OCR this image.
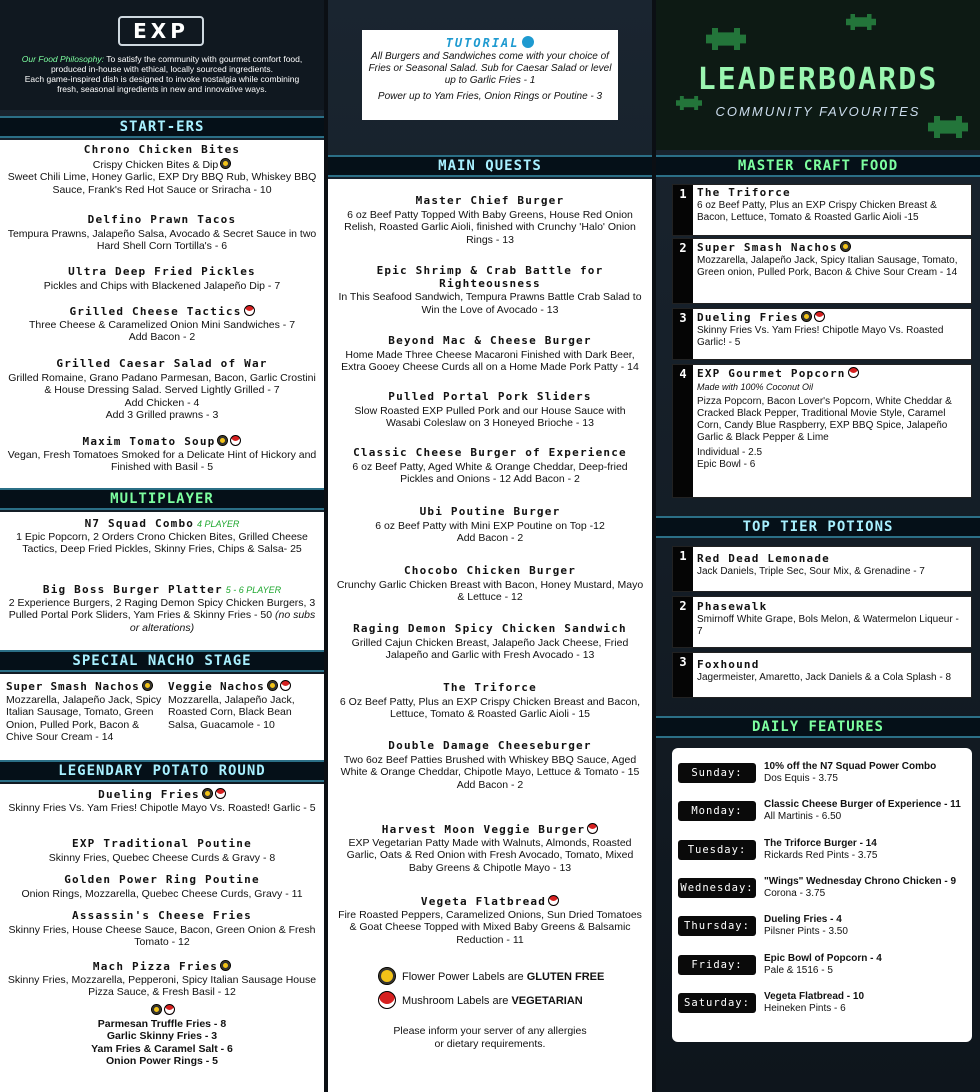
EXP
Our Food Philosophy: To satisfy the community with gourmet comfort food, produced in-house with ethical, locally sourced ingredients.
Each game-inspired dish is designed to invoke nostalgia while combining fresh, seasonal ingredients in new and innovative ways.
START-ERS
Chrono Chicken Bites
Crispy Chicken Bites & Dip
Sweet Chili Lime, Honey Garlic, EXP Dry BBQ Rub, Whiskey BBQ Sauce, Frank's Red Hot Sauce or Sriracha - 10
Delfino Prawn Tacos
Tempura Prawns, Jalapeño Salsa, Avocado & Secret Sauce in two Hard Shell Corn Tortilla's - 6
Ultra Deep Fried Pickles
Pickles and Chips with Blackened Jalapeño Dip - 7
Grilled Cheese Tactics
Three Cheese & Caramelized Onion Mini Sandwiches - 7
Add Bacon - 2
Grilled Caesar Salad of War
Grilled Romaine, Grano Padano Parmesan, Bacon, Garlic Crostini & House Dressing Salad. Served Lightly Grilled - 7
Add Chicken - 4
Add 3 Grilled prawns - 3
Maxim Tomato Soup
Vegan, Fresh Tomatoes Smoked for a Delicate Hint of Hickory and Finished with Basil - 5
MULTIPLAYER
N7 Squad Combo 4 PLAYER
1 Epic Popcorn, 2 Orders Crono Chicken Bites, Grilled Cheese Tactics, Deep Fried Pickles, Skinny Fries, Chips & Salsa- 25
Big Boss Burger Platter 5 - 6 PLAYER
2 Experience Burgers, 2 Raging Demon Spicy Chicken Burgers, 3 Pulled Portal Pork Sliders, Yam Fries & Skinny Fries - 50 (no subs or alterations)
SPECIAL NACHO STAGE
Super Smash Nachos
Mozzarella, Jalapeño Jack, Spicy Italian Sausage, Tomato, Green Onion, Pulled Pork, Bacon & Chive Sour Cream - 14
Veggie Nachos
Mozzarella, Jalapeño Jack, Roasted Corn, Black Bean Salsa, Guacamole - 10
LEGENDARY POTATO ROUND
Dueling Fries
Skinny Fries Vs. Yam Fries! Chipotle Mayo Vs. Roasted! Garlic - 5
EXP Traditional Poutine
Skinny Fries, Quebec Cheese Curds & Gravy - 8
Golden Power Ring Poutine
Onion Rings, Mozzarella, Quebec Cheese Curds, Gravy - 11
Assassin's Cheese Fries
Skinny Fries, House Cheese Sauce, Bacon, Green Onion & Fresh Tomato - 12
Mach Pizza Fries
Skinny Fries, Mozzarella, Pepperoni, Spicy Italian Sausage House Pizza Sauce, & Fresh Basil - 12
Parmesan Truffle Fries - 8
Garlic Skinny Fries - 3
Yam Fries & Caramel Salt - 6
Onion Power Rings - 5
TUTORIAL
All Burgers and Sandwiches come with your choice of Fries or Seasonal Salad. Sub for Caesar Salad or level up to Garlic Fries - 1
Power up to Yam Fries, Onion Rings or Poutine - 3
MAIN QUESTS
Master Chief Burger
6 oz Beef Patty Topped With Baby Greens, House Red Onion Relish, Roasted Garlic Aioli, finished with Crunchy 'Halo' Onion Rings - 13
Epic Shrimp & Crab Battle for Righteousness
In This Seafood Sandwich, Tempura Prawns Battle Crab Salad to Win the Love of Avocado - 13
Beyond Mac & Cheese Burger
Home Made Three Cheese Macaroni Finished with Dark Beer, Extra Gooey Cheese Curds all on a Home Made Pork Patty - 14
Pulled Portal Pork Sliders
Slow Roasted EXP Pulled Pork and our House Sauce with Wasabi Coleslaw on 3 Honeyed Brioche - 13
Classic Cheese Burger of Experience
6 oz Beef Patty, Aged White & Orange Cheddar, Deep-fried Pickles and Onions - 12 Add Bacon - 2
Ubi Poutine Burger
6 oz Beef Patty with Mini EXP Poutine on Top -12
Add Bacon - 2
Chocobo Chicken Burger
Crunchy Garlic Chicken Breast with Bacon, Honey Mustard, Mayo & Lettuce - 12
Raging Demon Spicy Chicken Sandwich
Grilled Cajun Chicken Breast, Jalapeño Jack Cheese, Fried Jalapeño and Garlic with Fresh Avocado - 13
The Triforce
6 Oz Beef Patty, Plus an EXP Crispy Chicken Breast and Bacon, Lettuce, Tomato & Roasted Garlic Aioli - 15
Double Damage Cheeseburger
Two 6oz Beef Patties Brushed with Whiskey BBQ Sauce, Aged White & Orange Cheddar, Chipotle Mayo, Lettuce & Tomato - 15
Add Bacon - 2
Harvest Moon Veggie Burger
EXP Vegetarian Patty Made with Walnuts, Almonds, Roasted Garlic, Oats & Red Onion with Fresh Avocado, Tomato, Mixed Baby Greens & Chipotle Mayo - 13
Vegeta Flatbread
Fire Roasted Peppers, Caramelized Onions, Sun Dried Tomatoes & Goat Cheese Topped with Mixed Baby Greens & Balsamic Reduction - 11
Flower Power Labels are GLUTEN FREE
Mushroom Labels are VEGETARIAN
Please inform your server of any allergies or dietary requirements.
LEADERBOARDS
COMMUNITY FAVOURITES
MASTER CRAFT FOOD
1 The Triforce
6 oz Beef Patty, Plus an EXP Crispy Chicken Breast & Bacon, Lettuce, Tomato & Roasted Garlic Aioli -15
2 Super Smash Nachos
Mozzarella, Jalapeño Jack, Spicy Italian Sausage, Tomato, Green onion, Pulled Pork, Bacon & Chive Sour Cream - 14
3 Dueling Fries
Skinny Fries Vs. Yam Fries! Chipotle Mayo Vs. Roasted Garlic! - 5
4 EXP Gourmet Popcorn
Made with 100% Coconut Oil
Pizza Popcorn, Bacon Lover's Popcorn, White Cheddar & Cracked Black Pepper, Traditional Movie Style, Caramel Corn, Candy Blue Raspberry, EXP BBQ Spice, Jalapeño Garlic & Black Pepper & Lime
Individual - 2.5
Epic Bowl - 6
TOP TIER POTIONS
1 Red Dead Lemonade
Jack Daniels, Triple Sec, Sour Mix, & Grenadine - 7
2 Phasewalk
Smirnoff White Grape, Bols Melon, & Watermelon Liqueur - 7
3 Foxhound
Jagermeister, Amaretto, Jack Daniels & a Cola Splash - 8
DAILY FEATURES
Sunday:
10% off the N7 Squad Power Combo
Dos Equis - 3.75
Monday:
Classic Cheese Burger of Experience - 11
All Martinis - 6.50
Tuesday:
The Triforce Burger - 14
Rickards Red Pints - 3.75
Wednesday:
"Wings" Wednesday Chrono Chicken - 9
Corona - 3.75
Thursday:
Dueling Fries - 4
Pilsner Pints - 3.50
Friday:
Epic Bowl of Popcorn - 4
Pale & 1516 - 5
Saturday:
Vegeta Flatbread - 10
Heineken Pints - 6
